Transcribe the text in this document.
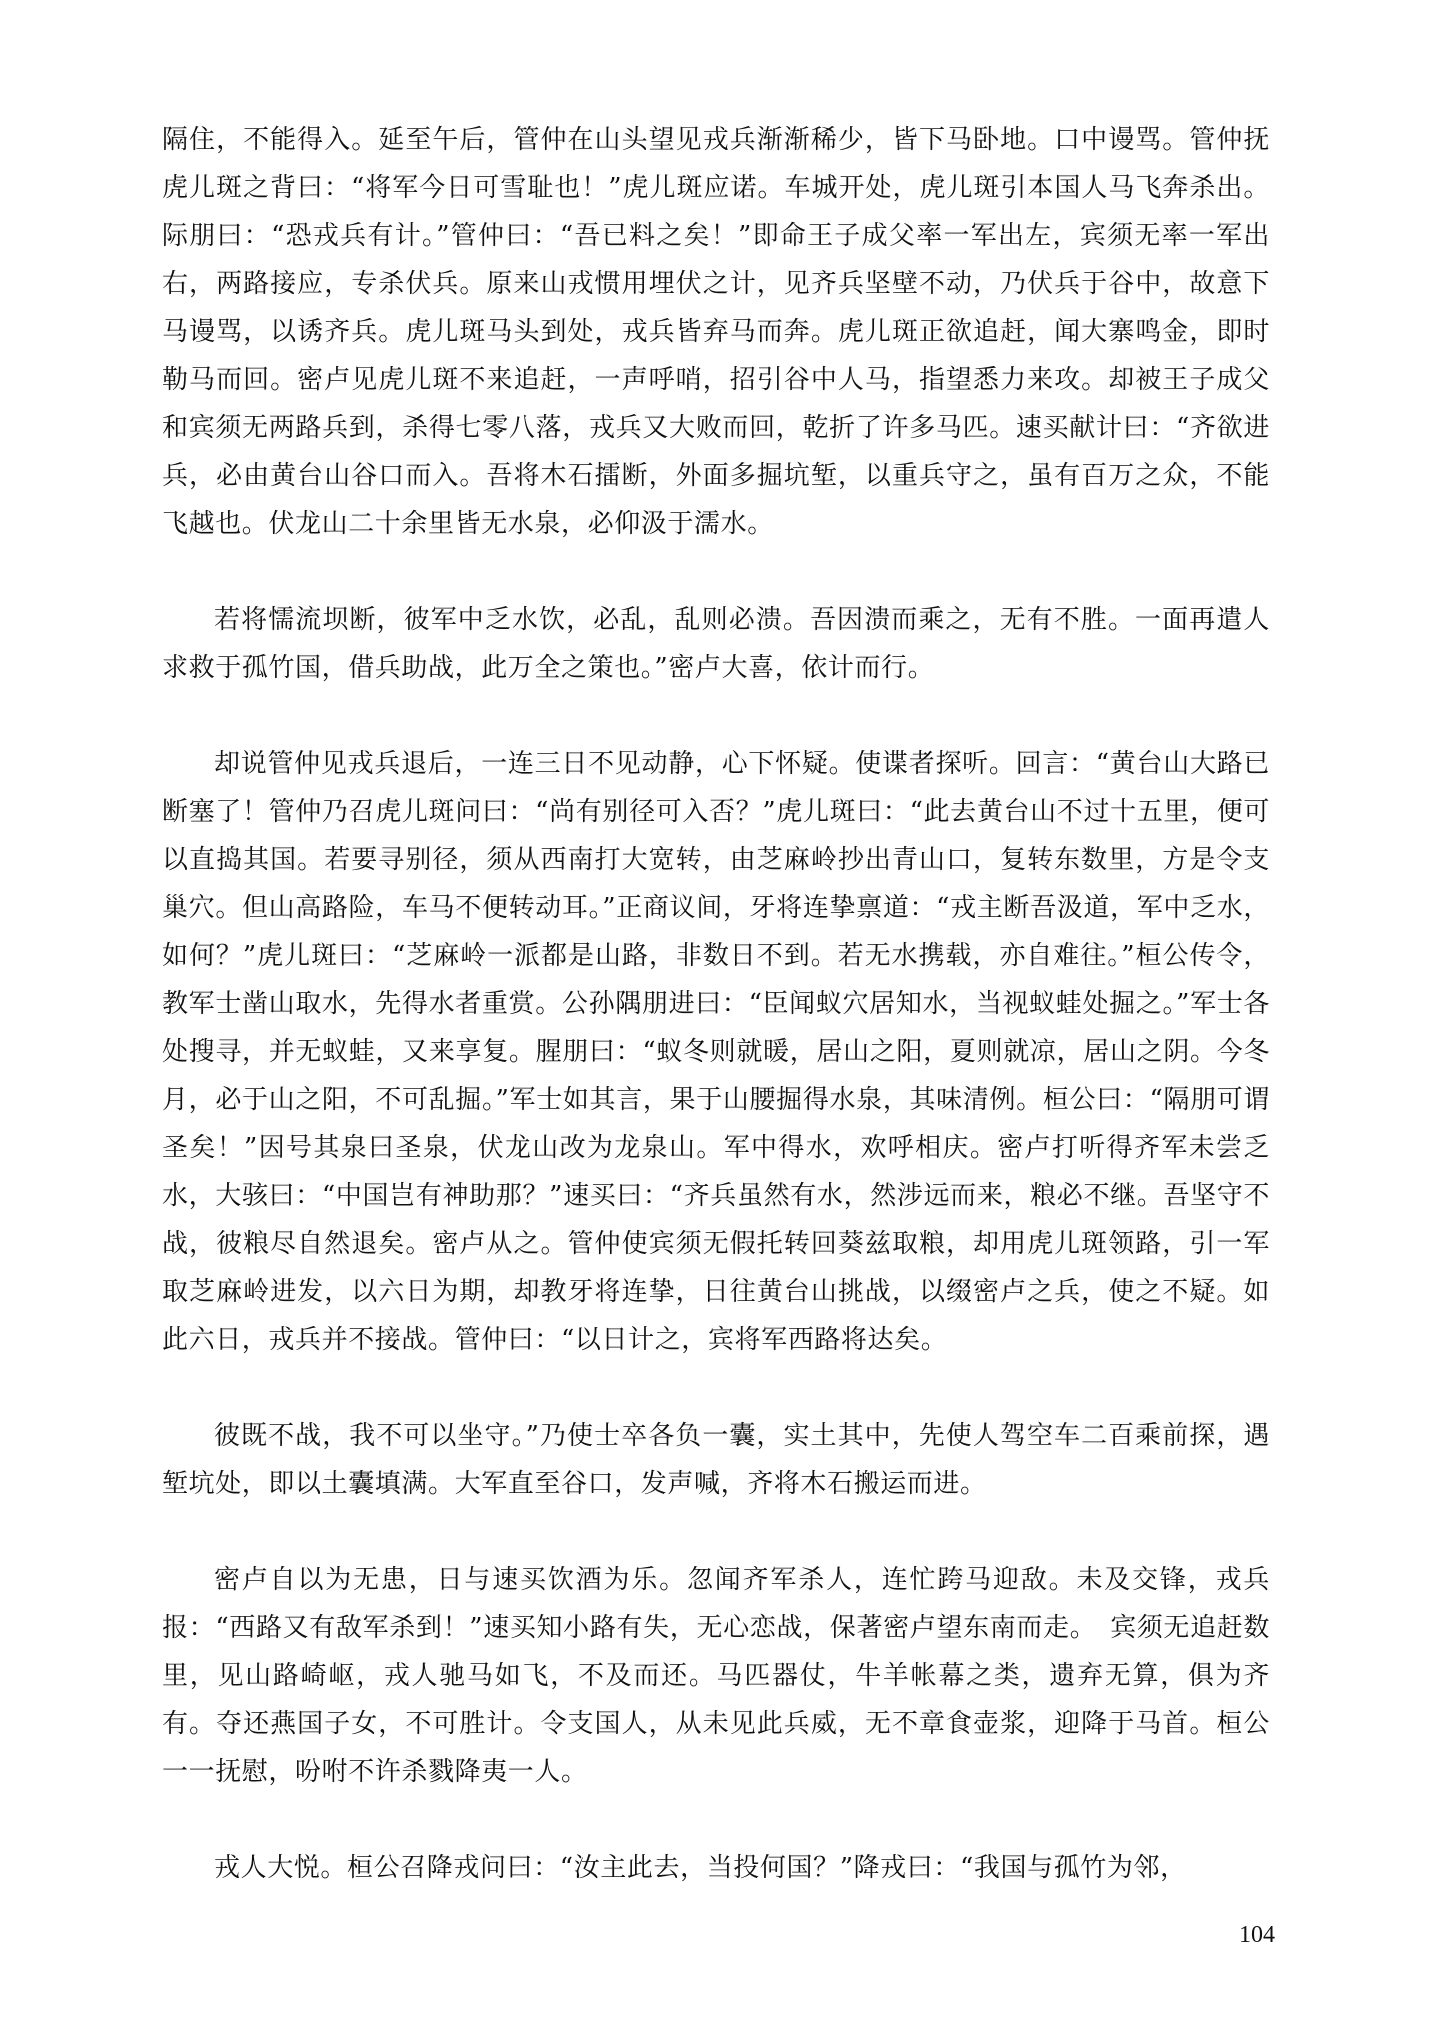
隔住，不能得入。延至午后，管仲在山头望见戎兵渐渐稀少，皆下马卧地。口中谩骂。管仲抚虎儿斑之背曰：“将军今日可雪耻也！”虎儿斑应诺。车城开处，虎儿斑引本国人马飞奔杀出。际朋曰：“恐戎兵有计。”管仲曰：“吾已料之矣！”即命王子成父率一军出左，宾须无率一军出右，两路接应，专杀伏兵。原来山戎惯用埋伏之计，见齐兵坚壁不动，乃伏兵于谷中，故意下马谩骂，以诱齐兵。虎儿斑马头到处，戎兵皆弃马而奔。虎儿斑正欲追赶，闻大寨鸣金，即时勒马而回。密卢见虎儿斑不来追赶，一声呼哨，招引谷中人马，指望悉力来攻。却被王子成父和宾须无两路兵到，杀得七零八落，戎兵又大败而回，乾折了许多马匹。速买献计曰：“齐欲进兵，必由黄台山谷口而入。吾将木石擂断，外面多掘坑堑，以重兵守之，虽有百万之众，不能飞越也。伏龙山二十余里皆无水泉，必仰汲于濡水。

若将懦流坝断，彼军中乏水饮，必乱，乱则必溃。吾因溃而乘之，无有不胜。一面再遣人求救于孤竹国，借兵助战，此万全之策也。”密卢大喜，依计而行。

却说管仲见戎兵退后，一连三日不见动静，心下怀疑。使谍者探听。回言：“黄台山大路已断塞了！管仲乃召虎儿斑问曰：“尚有别径可入否？”虎儿斑曰：“此去黄台山不过十五里，便可以直捣其国。若要寻别径，须从西南打大宽转，由芝麻岭抄出青山口，复转东数里，方是令支巢穴。但山高路险，车马不便转动耳。”正商议间，牙将连挚禀道：“戎主断吾汲道，军中乏水，如何？”虎儿斑曰：“芝麻岭一派都是山路，非数日不到。若无水携载，亦自难往。”桓公传令，教军士凿山取水，先得水者重赏。公孙隅朋进曰：“臣闻蚁穴居知水，当视蚁蛙处掘之。”军士各处搜寻，并无蚁蛙，又来享复。腥朋曰：“蚁冬则就暖，居山之阳，夏则就凉，居山之阴。今冬月，必于山之阳，不可乱掘。”军士如其言，果于山腰掘得水泉，其味清例。桓公曰：“隔朋可谓圣矣！”因号其泉曰圣泉，伏龙山改为龙泉山。军中得水，欢呼相庆。密卢打听得齐军未尝乏水，大骇曰：“中国岂有神助那？”速买曰：“齐兵虽然有水，然涉远而来，粮必不继。吾坚守不战，彼粮尽自然退矣。密卢从之。管仲使宾须无假托转回葵兹取粮，却用虎儿斑领路，引一军取芝麻岭进发，以六日为期，却教牙将连挚，日往黄台山挑战，以缀密卢之兵，使之不疑。如此六日，戎兵并不接战。管仲曰：“以日计之，宾将军西路将达矣。

彼既不战，我不可以坐守。”乃使士卒各负一囊，实土其中，先使人驾空车二百乘前探，遇堑坑处，即以土囊填满。大军直至谷口，发声喊，齐将木石搬运而进。

密卢自以为无患，日与速买饮酒为乐。忽闻齐军杀人，连忙跨马迎敌。未及交锋，戎兵报：“西路又有敌军杀到！”速买知小路有失，无心恋战，保著密卢望东南而走。　宾须无追赶数里，见山路崎岖，戎人驰马如飞，不及而还。马匹器仗，牛羊帐幕之类，遗弃无算，俱为齐有。夺还燕国子女，不可胜计。令支国人，从未见此兵威，无不章食壶浆，迎降于马首。桓公一一抚慰，吩咐不许杀戮降夷一人。

戎人大悦。桓公召降戎问曰：“汝主此去，当投何国？”降戎曰：“我国与孤竹为邻，

104
